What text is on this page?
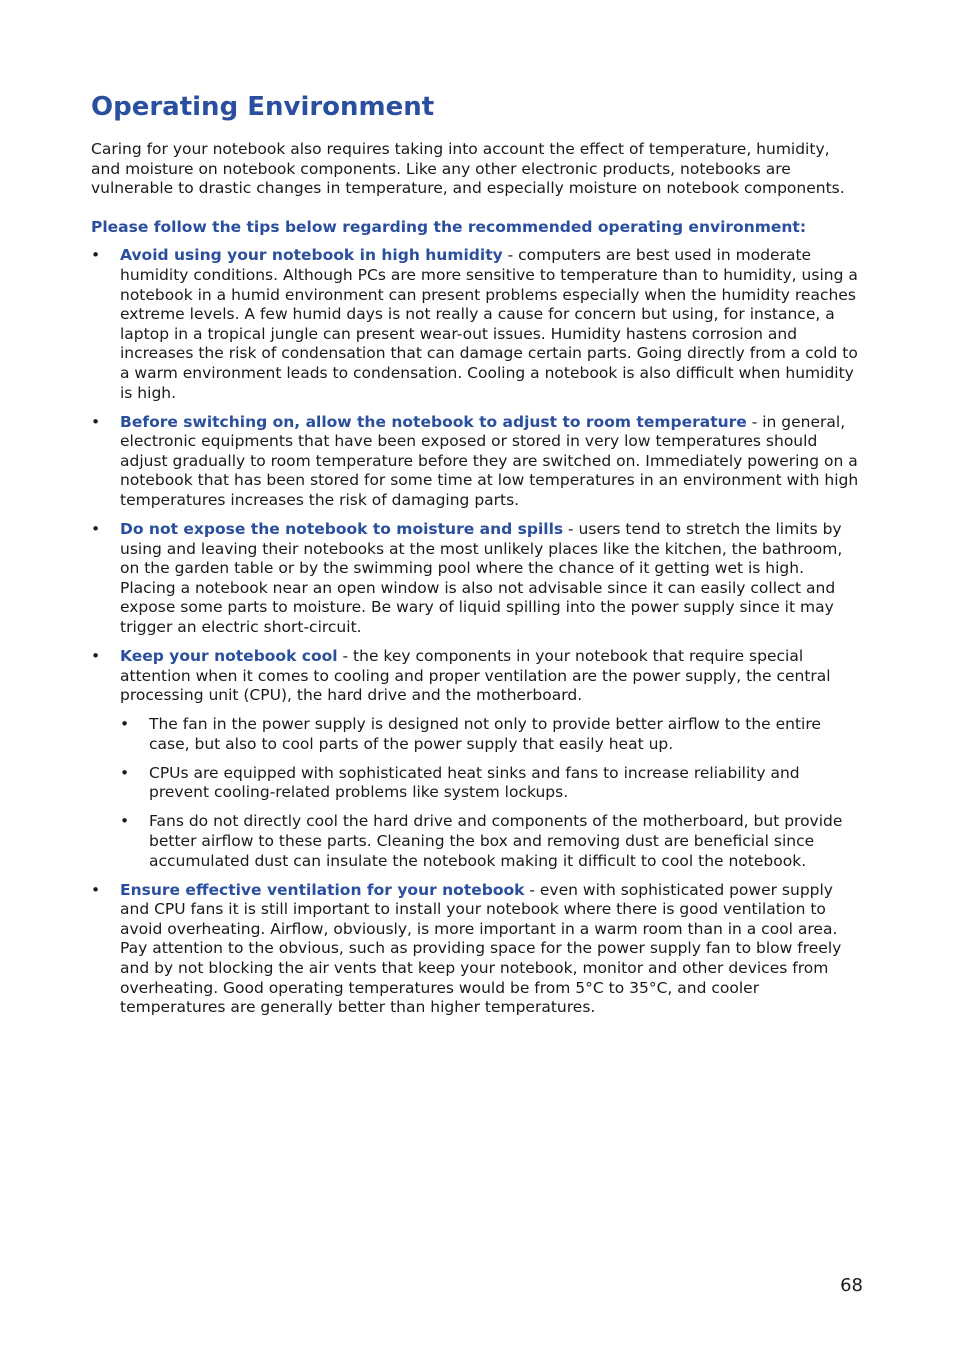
Operating Environment

Caring for your notebook also requires taking into account the effect of temperature, humidity, and moisture on notebook components. Like any other electronic products, notebooks are vulnerable to drastic changes in temperature, and especially moisture on notebook components.

Please follow the tips below regarding the recommended operating environment:

• Avoid using your notebook in high humidity - computers are best used in moderate humidity conditions. Although PCs are more sensitive to temperature than to humidity, using a notebook in a humid environment can present problems especially when the humidity reaches extreme levels. A few humid days is not really a cause for concern but using, for instance, a laptop in a tropical jungle can present wear-out issues. Humidity hastens corrosion and increases the risk of condensation that can damage certain parts. Going directly from a cold to a warm environment leads to condensation. Cooling a notebook is also difficult when humidity is high.
• Before switching on, allow the notebook to adjust to room temperature - in general, electronic equipments that have been exposed or stored in very low temperatures should adjust gradually to room temperature before they are switched on. Immediately powering on a notebook that has been stored for some time at low temperatures in an environment with high temperatures increases the risk of damaging parts.
• Do not expose the notebook to moisture and spills - users tend to stretch the limits by using and leaving their notebooks at the most unlikely places like the kitchen, the bathroom, on the garden table or by the swimming pool where the chance of it getting wet is high. Placing a notebook near an open window is also not advisable since it can easily collect and expose some parts to moisture. Be wary of liquid spilling into the power supply since it may trigger an electric short-circuit.
• Keep your notebook cool - the key components in your notebook that require special attention when it comes to cooling and proper ventilation are the power supply, the central processing unit (CPU), the hard drive and the motherboard.
• The fan in the power supply is designed not only to provide better airflow to the entire case, but also to cool parts of the power supply that easily heat up.
• CPUs are equipped with sophisticated heat sinks and fans to increase reliability and prevent cooling-related problems like system lockups.
• Fans do not directly cool the hard drive and components of the motherboard, but provide better airflow to these parts. Cleaning the box and removing dust are beneficial since accumulated dust can insulate the notebook making it difficult to cool the notebook.
• Ensure effective ventilation for your notebook - even with sophisticated power supply and CPU fans it is still important to install your notebook where there is good ventilation to avoid overheating. Airflow, obviously, is more important in a warm room than in a cool area. Pay attention to the obvious, such as providing space for the power supply fan to blow freely and by not blocking the air vents that keep your notebook, monitor and other devices from overheating. Good operating temperatures would be from 5°C to 35°C, and cooler temperatures are generally better than higher temperatures.
68
